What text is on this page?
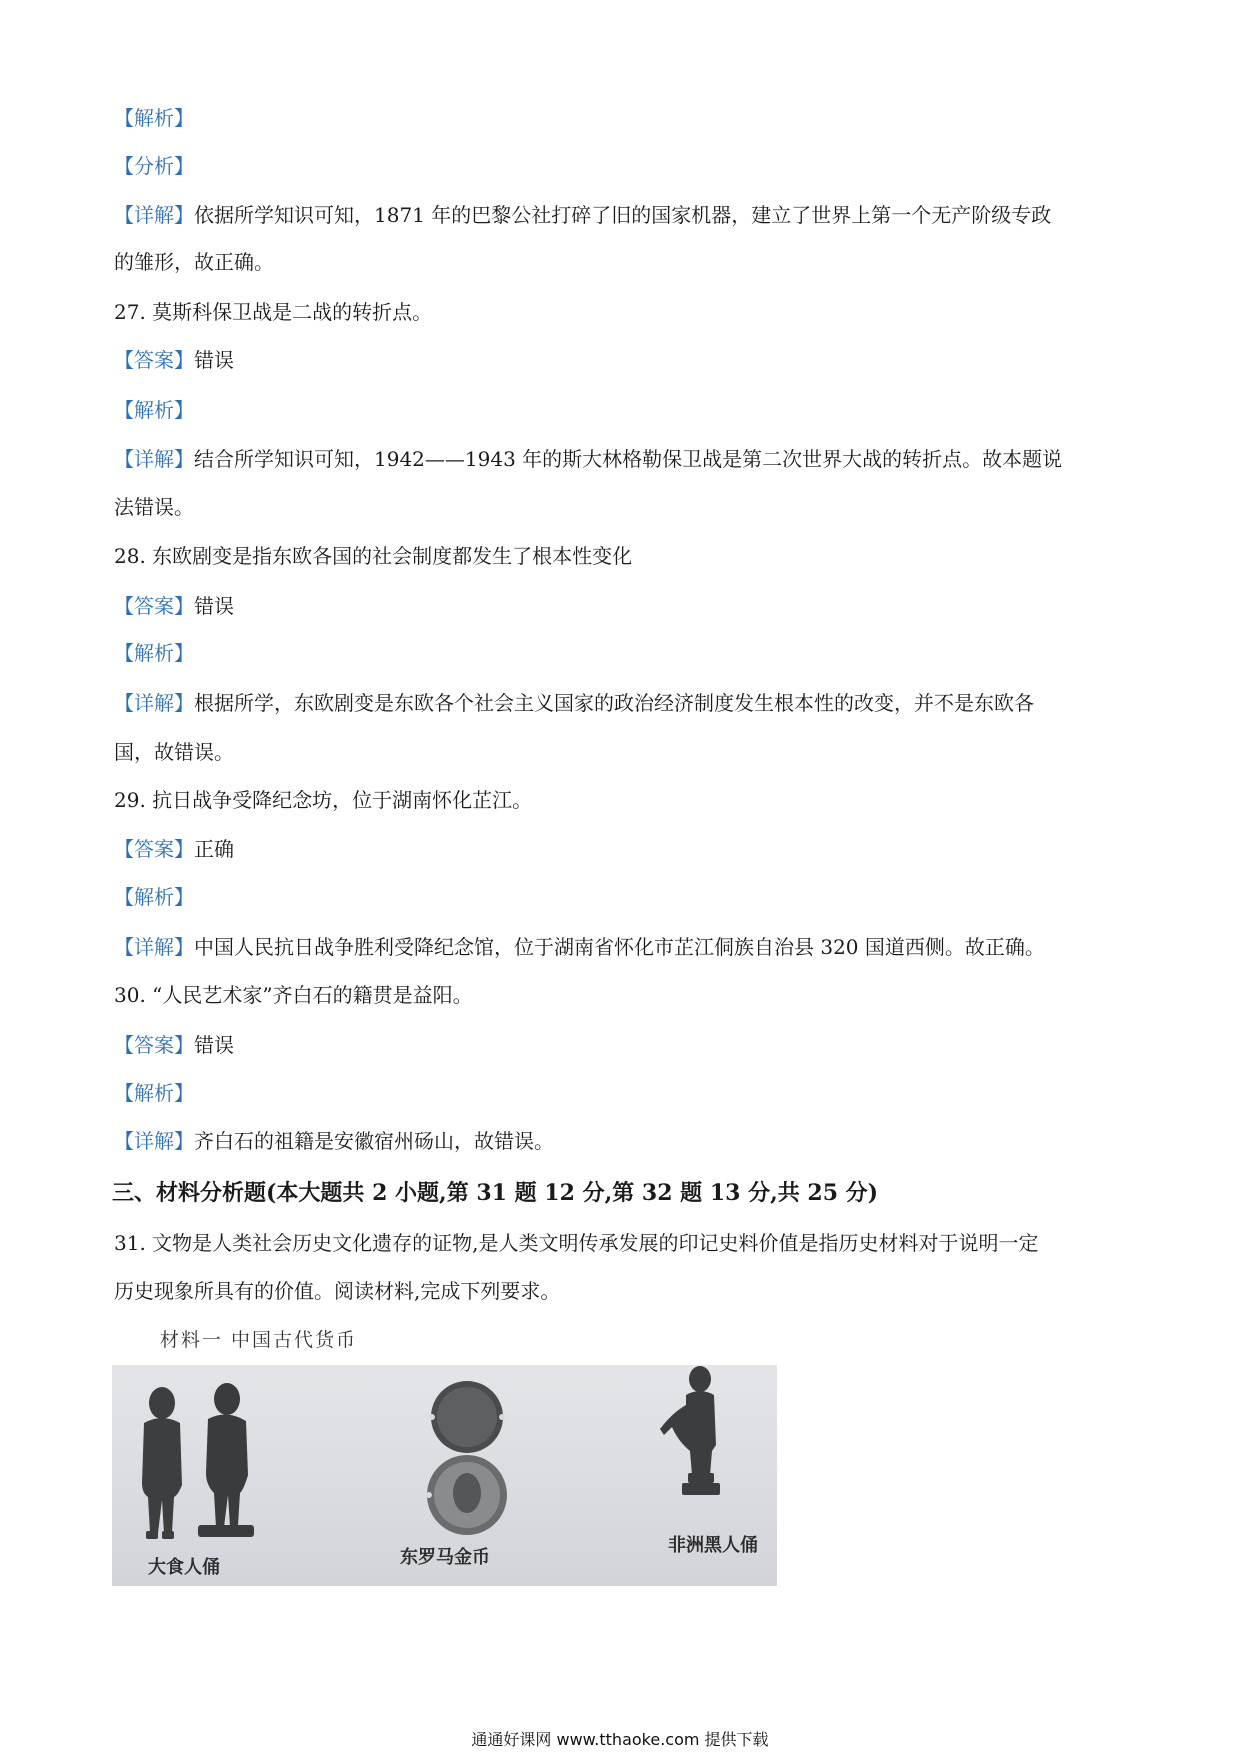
【解析】
【分析】
【详解】依据所学知识可知，1871 年的巴黎公社打碎了旧的国家机器，建立了世界上第一个无产阶级专政
的雏形，故正确。
27. 莫斯科保卫战是二战的转折点。
【答案】错误
【解析】
【详解】结合所学知识可知，1942——1943 年的斯大林格勒保卫战是第二次世界大战的转折点。故本题说
法错误。
28. 东欧剧变是指东欧各国的社会制度都发生了根本性变化
【答案】错误
【解析】
【详解】根据所学，东欧剧变是东欧各个社会主义国家的政治经济制度发生根本性的改变，并不是东欧各
国，故错误。
29. 抗日战争受降纪念坊，位于湖南怀化芷江。
【答案】正确
【解析】
【详解】中国人民抗日战争胜利受降纪念馆，位于湖南省怀化市芷江侗族自治县 320 国道西侧。故正确。
30. “人民艺术家”齐白石的籍贯是益阳。
【答案】错误
【解析】
【详解】齐白石的祖籍是安徽宿州砀山，故错误。
三、材料分析题(本大题共 2 小题,第 31 题 12 分,第 32 题 13 分,共 25 分)
31. 文物是人类社会历史文化遗存的证物,是人类文明传承发展的印记史料价值是指历史材料对于说明一定
历史现象所具有的价值。阅读材料,完成下列要求。
材料一 中国古代货币
大食人俑	东罗马金币
非洲黑人俑
通通好课网 www.tthaoke.com 提供下载
